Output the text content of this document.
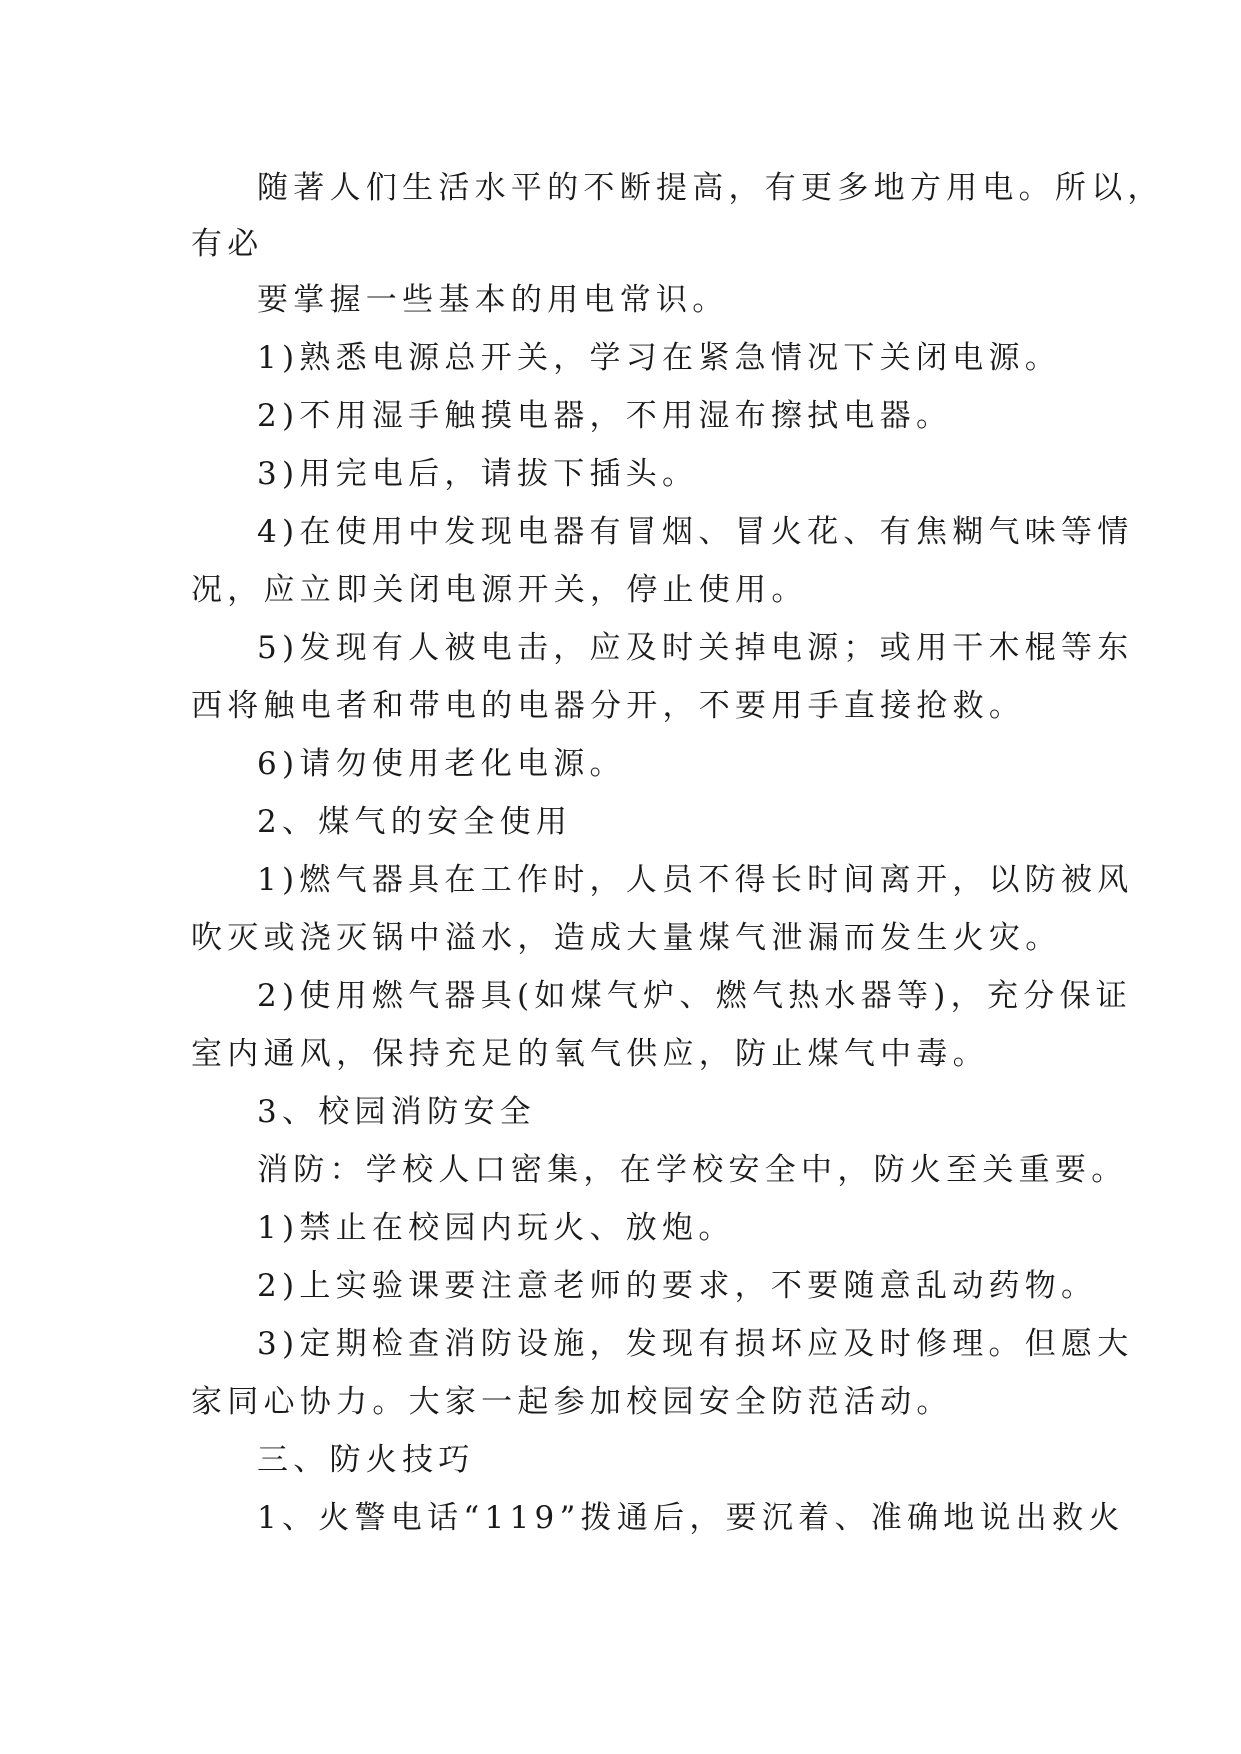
随著人们生活水平的不断提高，有更多地方用电。所以，
有必
要掌握一些基本的用电常识。
1)熟悉电源总开关，学习在紧急情况下关闭电源。
2)不用湿手触摸电器，不用湿布擦拭电器。
3)用完电后，请拔下插头。
4)在使用中发现电器有冒烟、冒火花、有焦糊气味等情
况，应立即关闭电源开关，停止使用。
5)发现有人被电击，应及时关掉电源；或用干木棍等东
西将触电者和带电的电器分开，不要用手直接抢救。
6)请勿使用老化电源。
2、煤气的安全使用
1)燃气器具在工作时，人员不得长时间离开，以防被风
吹灭或浇灭锅中溢水，造成大量煤气泄漏而发生火灾。
2)使用燃气器具(如煤气炉、燃气热水器等)，充分保证
室内通风，保持充足的氧气供应，防止煤气中毒。
3、校园消防安全
消防：学校人口密集，在学校安全中，防火至关重要。
1)禁止在校园内玩火、放炮。
2)上实验课要注意老师的要求，不要随意乱动药物。
3)定期检查消防设施，发现有损坏应及时修理。但愿大
家同心协力。大家一起参加校园安全防范活动。
三、防火技巧
1、火警电话“119”拨通后，要沉着、准确地说出救火
